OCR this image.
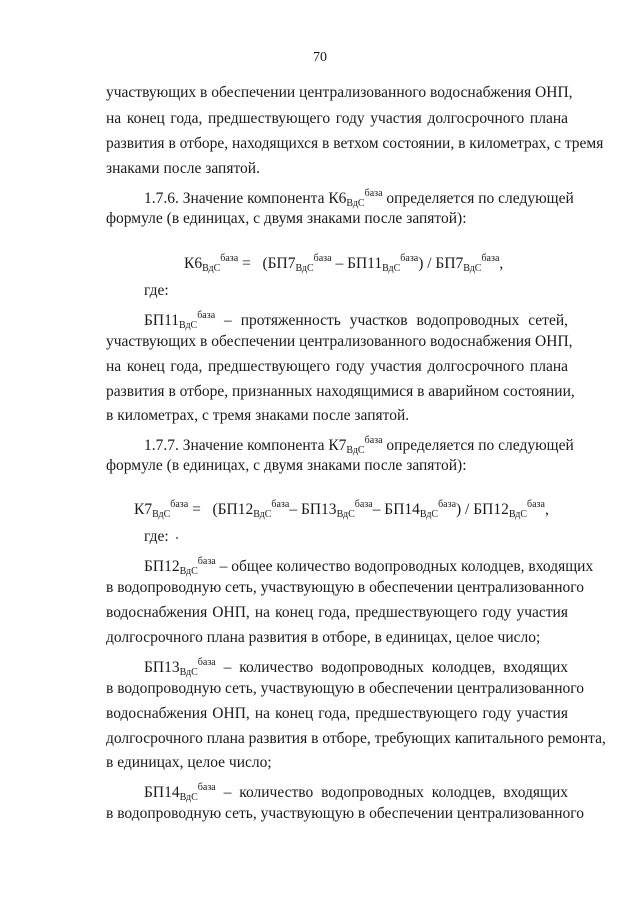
70
участвующих в обеспечении централизованного водоснабжения ОНП,
на конец года, предшествующего году участия долгосрочного плана
развития в отборе, находящихся в ветхом состоянии, в километрах, с тремя
знаками после запятой.
1.7.6. Значение компонента $К6_{ВдС}^{база}$ определяется по следующей
формуле (в единицах, с двумя знаками после запятой):
$К6_{ВдС}^{база} = (БП7_{ВдС}^{база} - БП11_{ВдС}^{база}) / БП7_{ВдС}^{база}$,
где:
$БП11_{ВдС}^{база}$ – протяженность участков водопроводных сетей,
участвующих в обеспечении централизованного водоснабжения ОНП,
на конец года, предшествующего году участия долгосрочного плана
развития в отборе, признанных находящимися в аварийном состоянии,
в километрах, с тремя знаками после запятой.
1.7.7. Значение компонента $К7_{ВдС}^{база}$ определяется по следующей
формуле (в единицах, с двумя знаками после запятой):
$К7_{ВдС}^{база} = (БП12_{ВдС}^{база}-$ $БП13_{ВдС}^{база}-$ $БП14_{ВдС}^{база}) / БП12_{ВдС}^{база}$,
где:
$БП12_{ВдС}^{база}$ – общее количество водопроводных колодцев, входящих
в водопроводную сеть, участвующую в обеспечении централизованного
водоснабжения ОНП, на конец года, предшествующего году участия
долгосрочного плана развития в отборе, в единицах, целое число;
$БП13_{ВдС}^{база}$ – количество водопроводных колодцев, входящих
в водопроводную сеть, участвующую в обеспечении централизованного
водоснабжения ОНП, на конец года, предшествующего году участия
долгосрочного плана развития в отборе, требующих капитального ремонта,
в единицах, целое число;
$БП14_{ВдС}^{база}$ – количество водопроводных колодцев, входящих
в водопроводную сеть, участвующую в обеспечении централизованного
